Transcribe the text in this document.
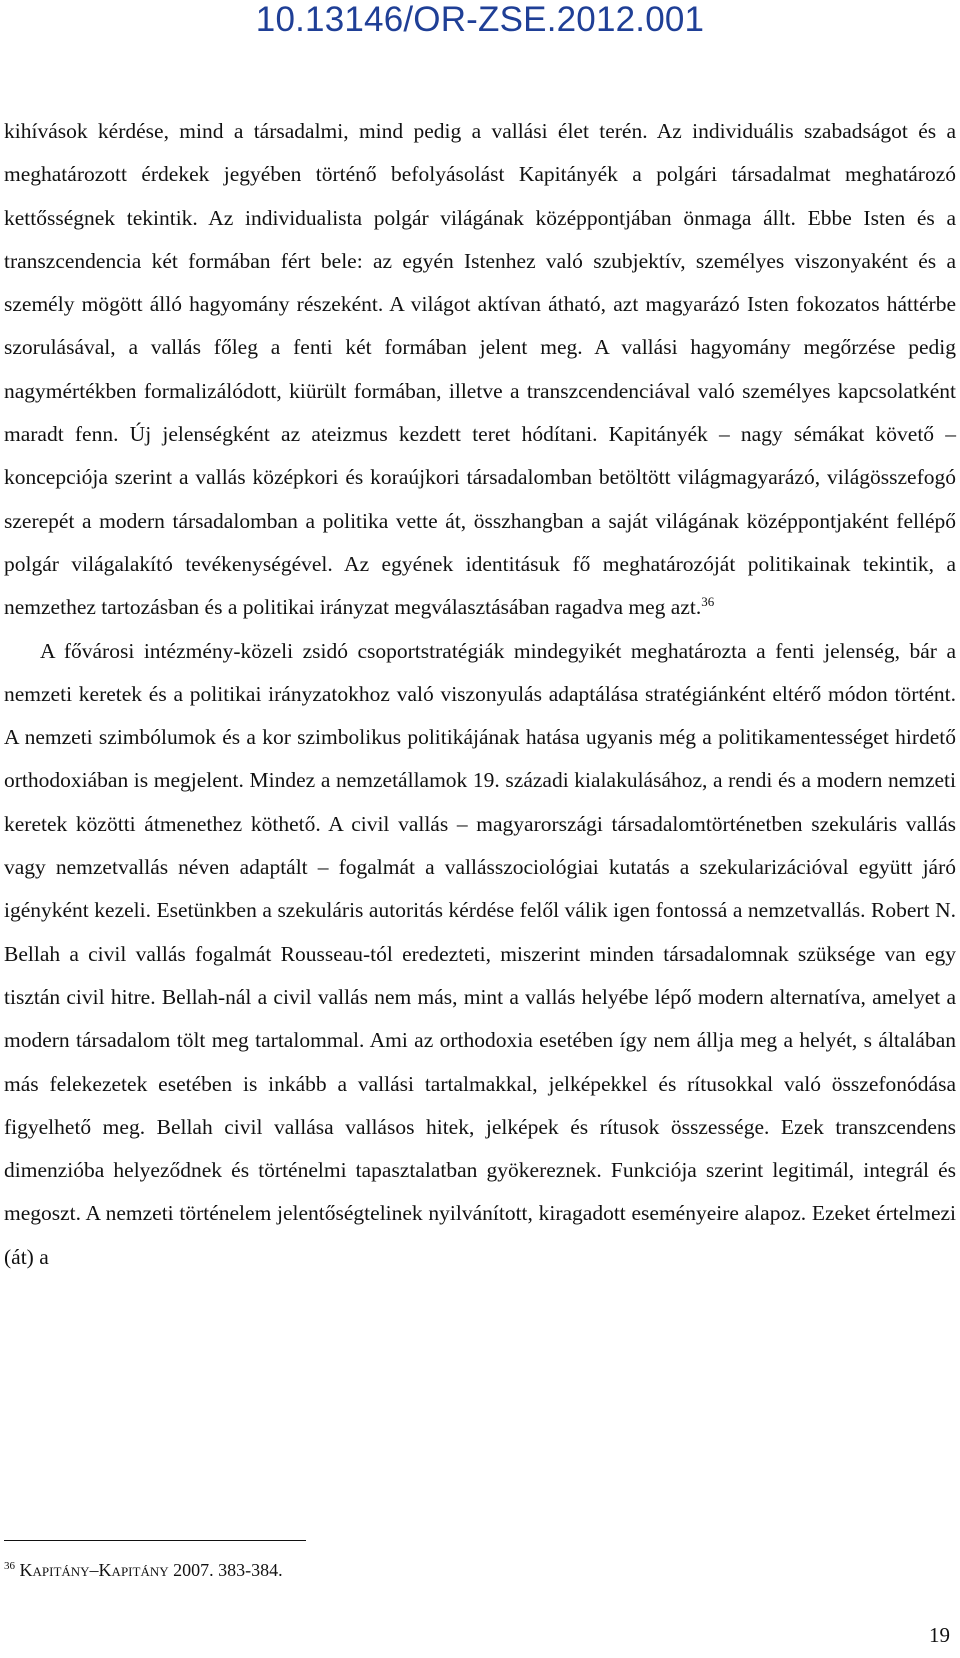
10.13146/OR-ZSE.2012.001

kihívások kérdése, mind a társadalmi, mind pedig a vallási élet terén. Az individuális szabadságot és a meghatározott érdekek jegyében történő befolyásolást Kapitányék a polgári társadalmat meghatározó kettősségnek tekintik. Az individualista polgár világának középpontjában önmaga állt. Ebbe Isten és a transzcendencia két formában fért bele: az egyén Istenhez való szubjektív, személyes viszonyaként és a személy mögött álló hagyomány részeként. A világot aktívan átható, azt magyarázó Isten fokozatos háttérbe szorulásával, a vallás főleg a fenti két formában jelent meg. A vallási hagyomány megőrzése pedig nagymértékben formalizálódott, kiürült formában, illetve a transzcendenciával való személyes kapcsolatként maradt fenn. Új jelenségként az ateizmus kezdett teret hódítani. Kapitányék – nagy sémákat követő – koncepciója szerint a vallás középkori és koraújkori társadalomban betöltött világmagyarázó, világösszefogó szerepét a modern társadalomban a politika vette át, összhangban a saját világának középpontjaként fellépő polgár világalakító tevékenységével. Az egyének identitásuk fő meghatározóját politikainak tekintik, a nemzethez tartozásban és a politikai irányzat megválasztásában ragadva meg azt.$^{36}$

A fővárosi intézmény-közeli zsidó csoportstratégiák mindegyikét meghatározta a fenti jelenség, bár a nemzeti keretek és a politikai irányzatokhoz való viszonyulás adaptálása stratégiánként eltérő módon történt. A nemzeti szimbólumok és a kor szimbolikus politikájának hatása ugyanis még a politikamentességet hirdető orthodoxiában is megjelent. Mindez a nemzetállamok 19. századi kialakulásához, a rendi és a modern nemzeti keretek közötti átmenethez köthető. A civil vallás – magyarországi társadalomtörténetben szekuláris vallás vagy nemzetvallás néven adaptált – fogalmát a vallásszociológiai kutatás a szekularizációval együtt járó igényként kezeli. Esetünkben a szekuláris autoritás kérdése felől válik igen fontossá a nemzetvallás. Robert N. Bellah a civil vallás fogalmát Rousseau-tól eredezteti, miszerint minden társadalomnak szüksége van egy tisztán civil hitre. Bellah-nál a civil vallás nem más, mint a vallás helyébe lépő modern alternatíva, amelyet a modern társadalom tölt meg tartalommal. Ami az orthodoxia esetében így nem állja meg a helyét, s általában más felekezetek esetében is inkább a vallási tartalmakkal, jelképekkel és rítusokkal való összefonódása figyelhető meg. Bellah civil vallása vallásos hitek, jelképek és rítusok összessége. Ezek transzcendens dimenzióba helyeződnek és történelmi tapasztalatban gyökereznek. Funkciója szerint legitimál, integrál és megoszt. A nemzeti történelem jelentőségtelinek nyilvánított, kiragadott eseményeire alapoz. Ezeket értelmezi (át) a

$^{36}$ Kapitány–Kapitány 2007. 383-384.
19
